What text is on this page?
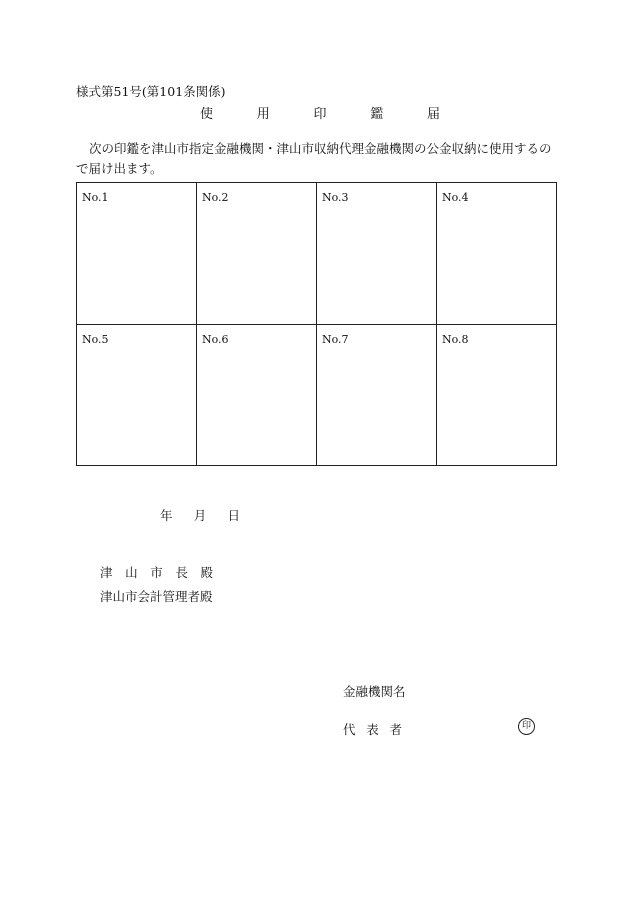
様式第51号(第101条関係)
使	用	印	鑑	届
次の印鑑を津山市指定金融機関・津山市収納代理金融機関の公金収納に使用するので届け出ます。
No.1	No.2	No.3	No.4
No.5	No.6	No.7	No.8
年 月 日
津 山 市 長 殿
津山市会計管理者殿
金融機関名
代 表 者	印
